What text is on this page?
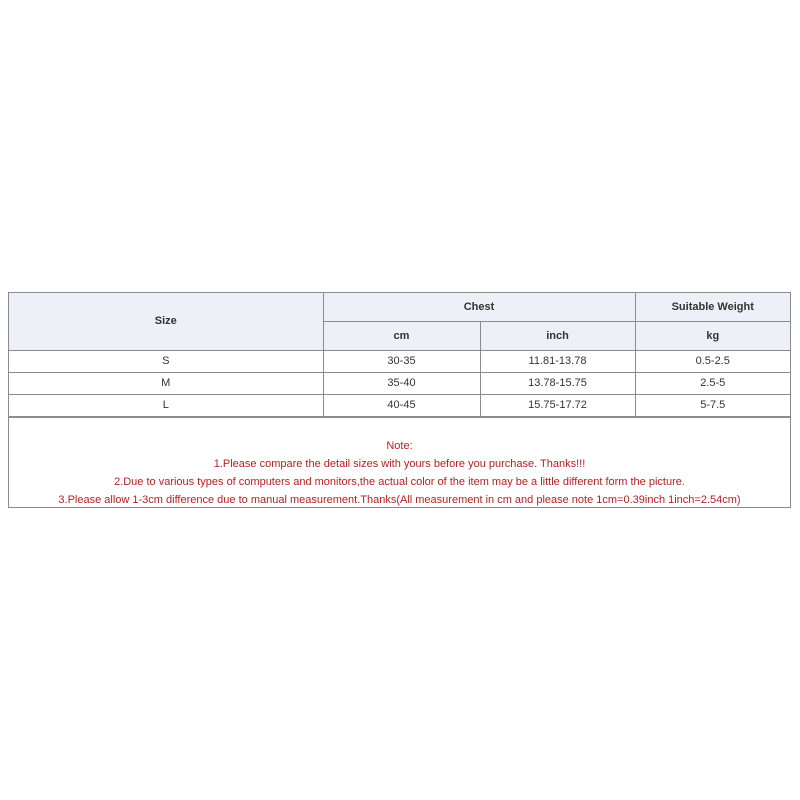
Size	Chest		Suitable Weight
	cm	inch	kg
S	30-35	11.81-13.78	0.5-2.5
M	35-40	13.78-15.75	2.5-5
L	40-45	15.75-17.72	5-7.5
Note:
1.Please compare the detail sizes with yours before you purchase. Thanks!!!
2.Due to various types of computers and monitors,the actual color of the item may be a little different form the picture.
3.Please allow 1-3cm difference due to manual measurement.Thanks(All measurement in cm and please note 1cm=0.39inch 1inch=2.54cm)
